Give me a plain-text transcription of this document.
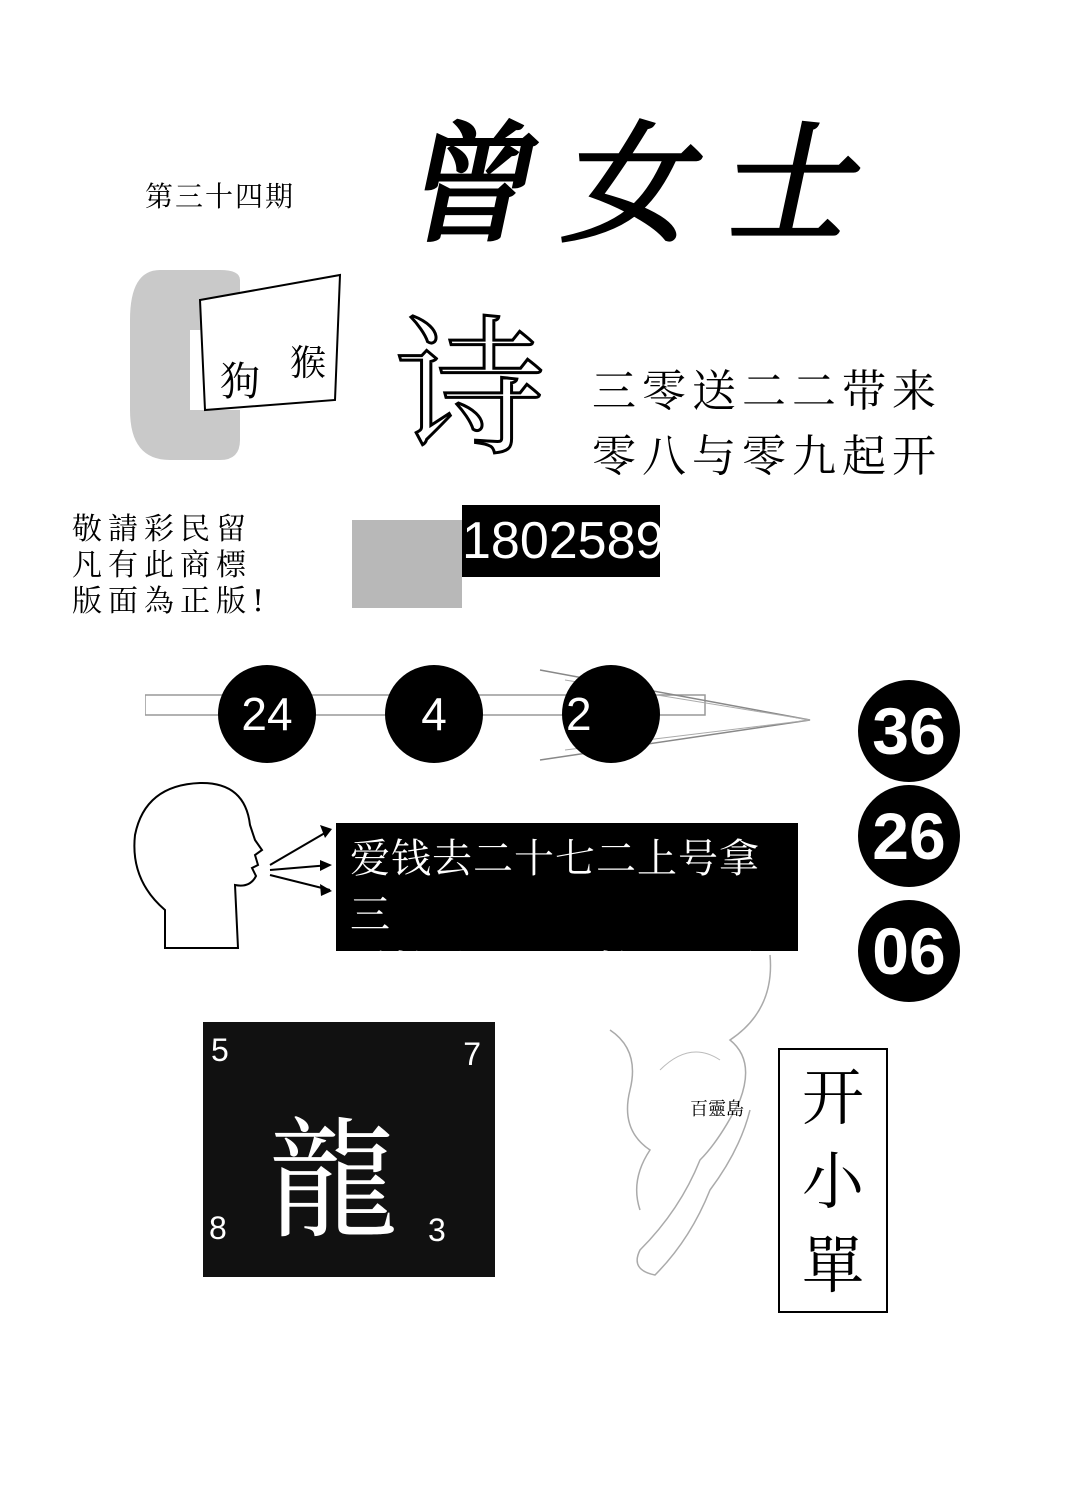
第三十四期 曾女士
狗 猴 诗 三零送二二带来
零八与零九起开
敬請彩民留
凡有此商標
版面為正版!
1802589
24	4	2	36
26
06
爱钱去二十七二上号拿三
后楼跳到二五楼买四零
5	7
龍
8	3
百靈島 开
小
單
